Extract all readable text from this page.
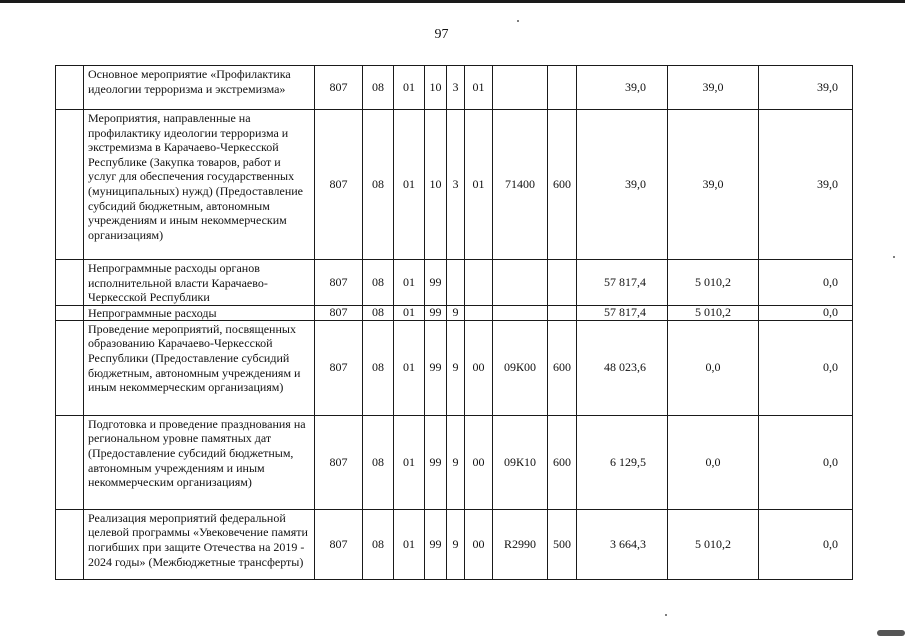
97
	Основное мероприятие «Профилактика идеологии терроризма и экстремизма»	807	08	01	10	3	01			39,0	39,0	39,0
	Мероприятия, направленные на профилактику идеологии терроризма и экстремизма в Карачаево-Черкесской Республике (Закупка товаров, работ и услуг для обеспечения государственных (муниципальных) нужд) (Предоставление субсидий бюджетным, автономным учреждениям и иным некоммерческим организациям)	807	08	01	10	3	01	71400	600	39,0	39,0	39,0
	Непрограммные расходы органов исполнительной власти Карачаево-Черкесской Республики	807	08	01	99					57 817,4	5 010,2	0,0
	Непрограммные расходы	807	08	01	99	9				57 817,4	5 010,2	0,0
	Проведение мероприятий, посвященных образованию Карачаево-Черкесской Республики (Предоставление субсидий бюджетным, автономным учреждениям и иным некоммерческим организациям)	807	08	01	99	9	00	09К00	600	48 023,6	0,0	0,0
	Подготовка и проведение празднования на региональном уровне памятных дат (Предоставление субсидий бюджетным, автономным учреждениям и иным некоммерческим организациям)	807	08	01	99	9	00	09К10	600	6 129,5	0,0	0,0
	Реализация мероприятий федеральной целевой программы «Увековечение памяти погибших при защите Отечества на 2019 - 2024 годы» (Межбюджетные трансферты)	807	08	01	99	9	00	R2990	500	3 664,3	5 010,2	0,0
